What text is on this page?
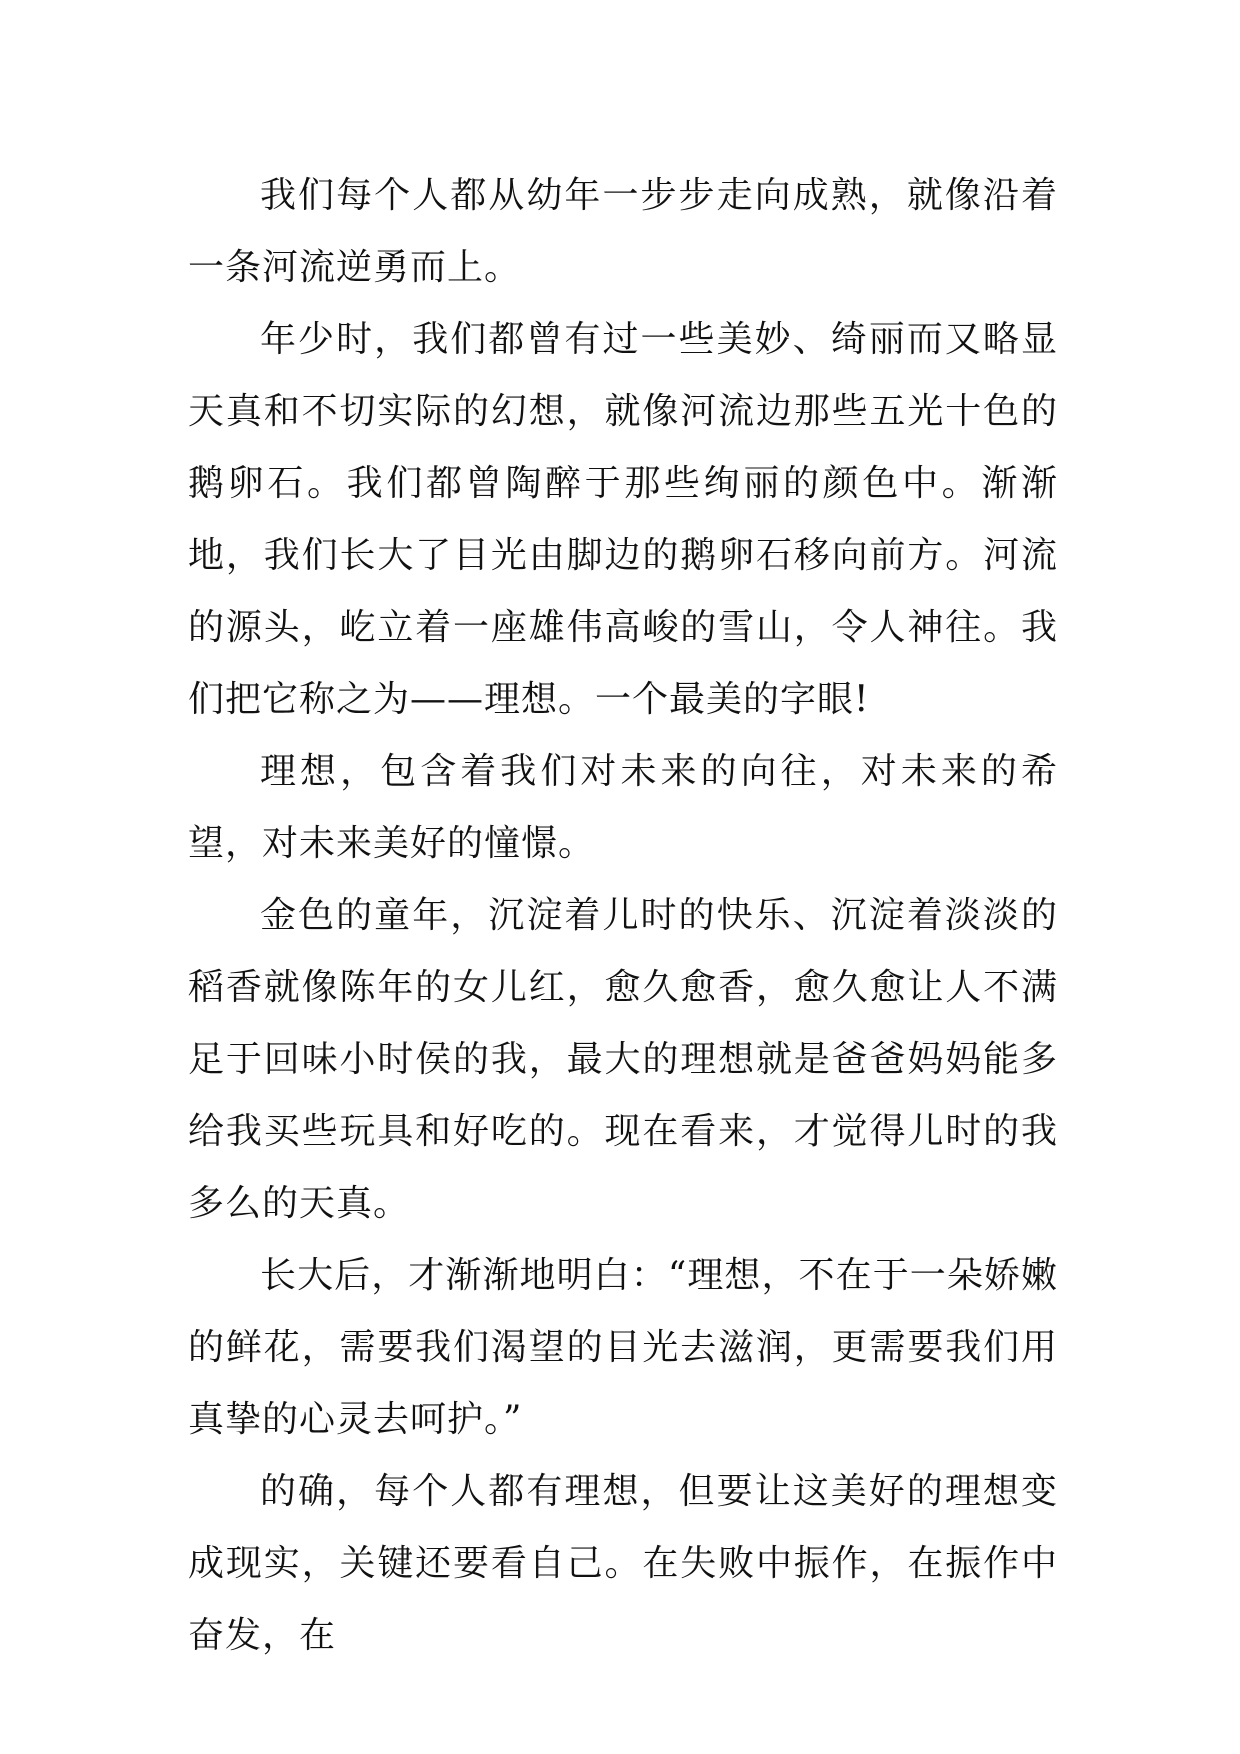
我们每个人都从幼年一步步走向成熟，就像沿着一条河流逆勇而上。

年少时，我们都曾有过一些美妙、绮丽而又略显天真和不切实际的幻想，就像河流边那些五光十色的鹅卵石。我们都曾陶醉于那些绚丽的颜色中。渐渐地，我们长大了目光由脚边的鹅卵石移向前方。河流的源头，屹立着一座雄伟高峻的雪山，令人神往。我们把它称之为——理想。一个最美的字眼!

理想，包含着我们对未来的向往，对未来的希望，对未来美好的憧憬。

金色的童年，沉淀着儿时的快乐、沉淀着淡淡的稻香就像陈年的女儿红，愈久愈香，愈久愈让人不满足于回味小时侯的我，最大的理想就是爸爸妈妈能多给我买些玩具和好吃的。现在看来，才觉得儿时的我多么的天真。

长大后，才渐渐地明白：“理想，不在于一朵娇嫩的鲜花，需要我们渴望的目光去滋润，更需要我们用真挚的心灵去呵护。”

的确，每个人都有理想，但要让这美好的理想变成现实，关键还要看自己。在失败中振作，在振作中奋发，在
